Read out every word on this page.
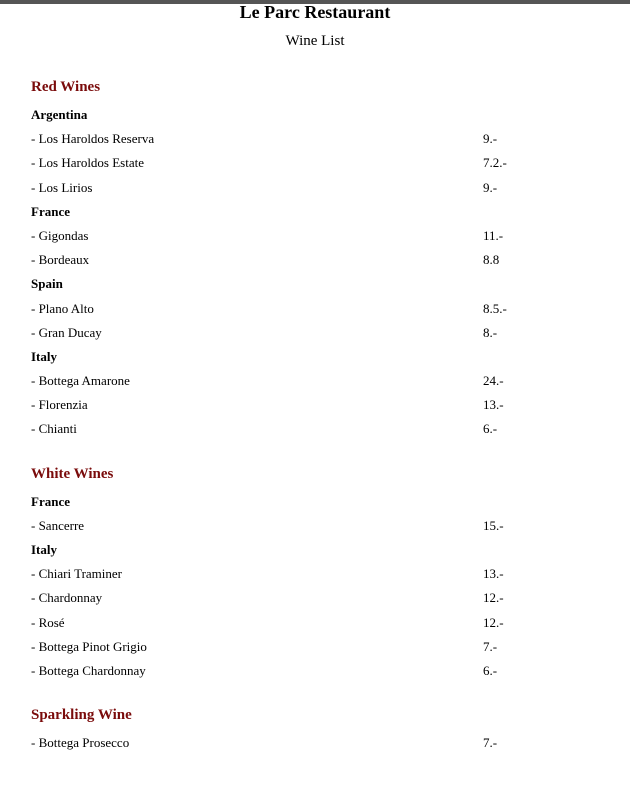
Le Parc Restaurant
Wine List
Red Wines
Argentina
- Los Haroldos Reserva	9.-
- Los Haroldos Estate	7.2.-
- Los Lirios	9.-
France
- Gigondas	11.-
- Bordeaux	8.8
Spain
- Plano Alto	8.5.-
- Gran Ducay	8.-
Italy
- Bottega Amarone	24.-
- Florenzia	13.-
- Chianti	6.-
White Wines
France
- Sancerre	15.-
Italy
- Chiari Traminer	13.-
- Chardonnay	12.-
- Rosé	12.-
- Bottega Pinot Grigio	7.-
- Bottega Chardonnay	6.-
Sparkling Wine
- Bottega Prosecco	7.-
